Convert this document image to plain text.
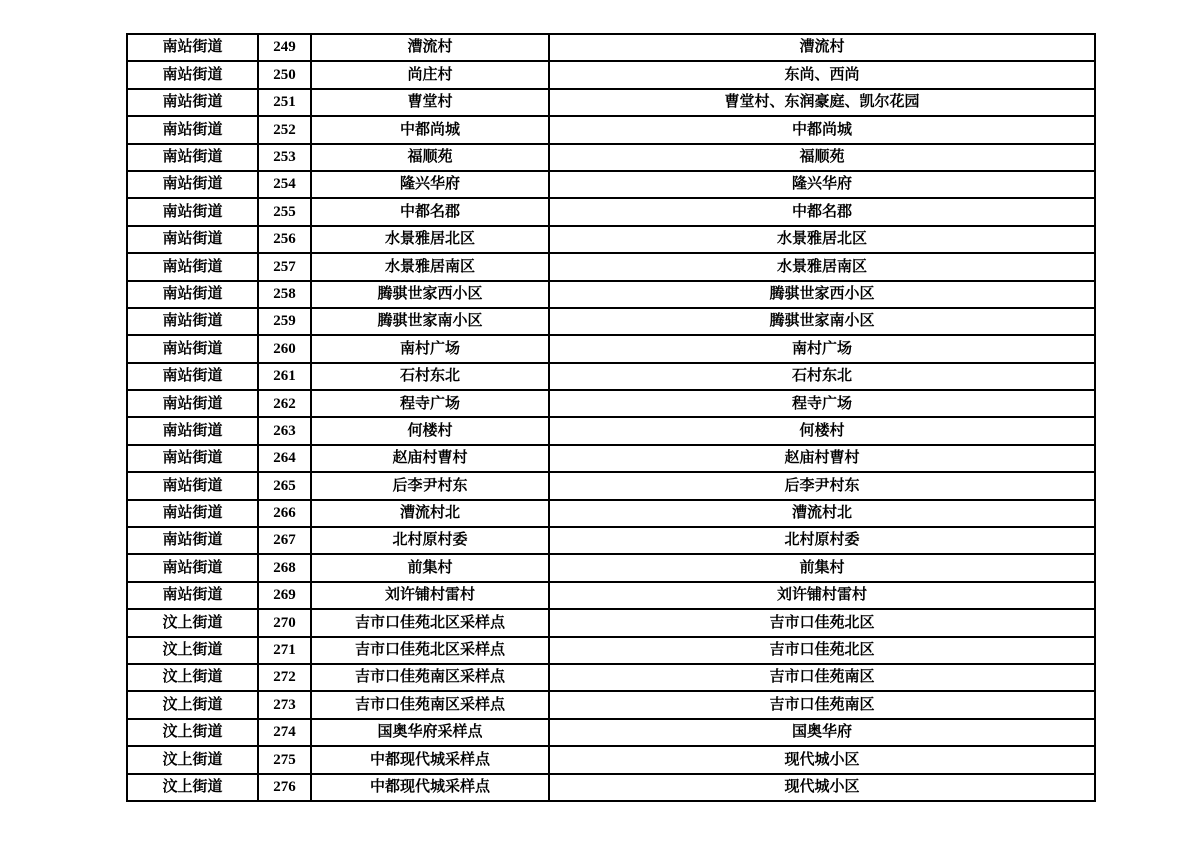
南站街道	249	漕流村	漕流村
南站街道	250	尚庄村	东尚、西尚
南站街道	251	曹堂村	曹堂村、东润豪庭、凯尔花园
南站街道	252	中都尚城	中都尚城
南站街道	253	福顺苑	福顺苑
南站街道	254	隆兴华府	隆兴华府
南站街道	255	中都名郡	中都名郡
南站街道	256	水景雅居北区	水景雅居北区
南站街道	257	水景雅居南区	水景雅居南区
南站街道	258	腾骐世家西小区	腾骐世家西小区
南站街道	259	腾骐世家南小区	腾骐世家南小区
南站街道	260	南村广场	南村广场
南站街道	261	石村东北	石村东北
南站街道	262	程寺广场	程寺广场
南站街道	263	何楼村	何楼村
南站街道	264	赵庙村曹村	赵庙村曹村
南站街道	265	后李尹村东	后李尹村东
南站街道	266	漕流村北	漕流村北
南站街道	267	北村原村委	北村原村委
南站街道	268	前集村	前集村
南站街道	269	刘许铺村雷村	刘许铺村雷村
汶上街道	270	吉市口佳苑北区采样点	吉市口佳苑北区
汶上街道	271	吉市口佳苑北区采样点	吉市口佳苑北区
汶上街道	272	吉市口佳苑南区采样点	吉市口佳苑南区
汶上街道	273	吉市口佳苑南区采样点	吉市口佳苑南区
汶上街道	274	国奥华府采样点	国奥华府
汶上街道	275	中都现代城采样点	现代城小区
汶上街道	276	中都现代城采样点	现代城小区
